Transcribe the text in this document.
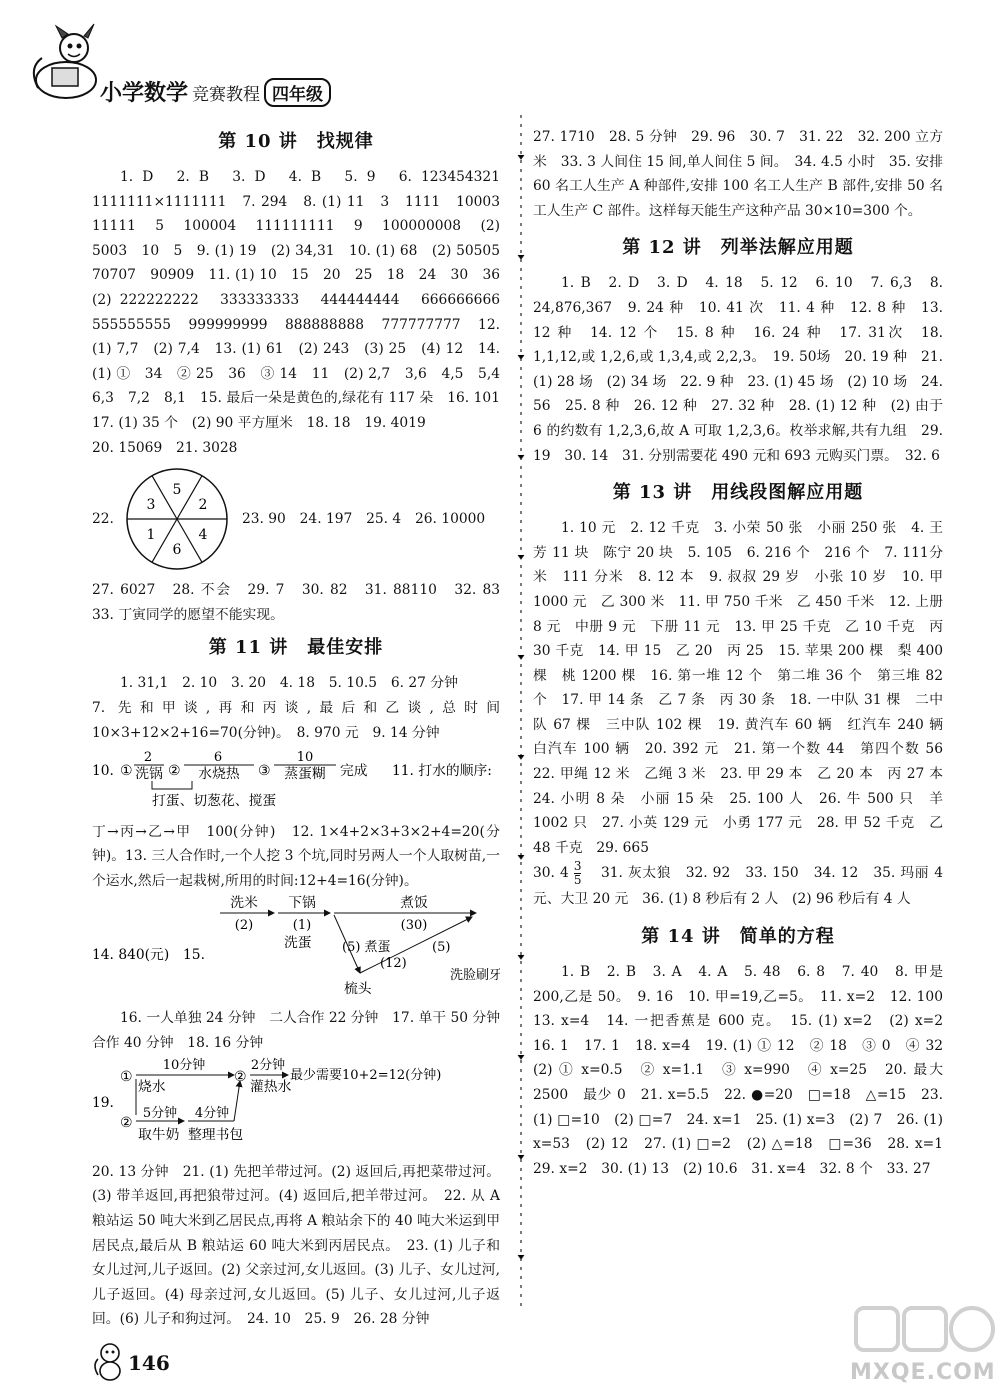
小学数学 竞赛教程 四年级
第 10 讲　找规律

1. D　2. B　3. D　4. B　5. 9　6. 123454321　1111111×1111111　7. 294　8. (1) 11　3　1111　10003　11111　5　100004　111111111　9　100000008　(2) 5003　10　5　9. (1) 19　(2) 34,31　10. (1) 68　(2) 50505　70707　90909　11. (1) 10　15　20　25　18　24　30　36　(2) 222222222　333333333　444444444　666666666　555555555　999999999　888888888　777777777　12. (1) 7,7　(2) 7,4　13. (1) 61　(2) 243　(3) 25　(4) 12　14. (1) ①　34　② 25　36　③ 14　11　(2) 2,7　3,6　4,5　5,4　6,3　7,2　8,1　15. 最后一朵是黄色的,绿花有 117 朵　16. 101　17. (1) 35 个　(2) 90 平方厘米　18. 18　19. 4019

20. 15069　21. 3028

22.
5
2
4
6
1
3
23. 90　24. 197　25. 4　26. 10000

27. 6027　28. 不会　29. 7　30. 82　31. 88110　32. 83　33. 丁寅同学的愿望不能实现。

第 11 讲　最佳安排

1. 31,1　2. 10　3. 20　4. 18　5. 10.5　6. 27 分钟

7. 先和甲谈,再和丙谈,最后和乙谈,总时间 10×3+12×2+16=70(分钟)。　8. 970 元　9. 14 分钟

10. ①
2
洗锅 ②
6
水烧热 ③
10
蒸蛋糊 完成 11. 打水的顺序:
打蛋、切葱花、搅蛋

丁→丙→乙→甲　100(分钟)　12. 1×4+2×3+3×2+4=20(分钟)。13. 三人合作时,一个人挖 3 个坑,同时另两人一个人取树苗,一个运水,然后一起栽树,所用的时间:12+4=16(分钟)。

14. 840(元)　15.
洗米
(2)
下锅
(1)
煮饭
(30)
洗蛋 (5) 煮蛋
(12)
(5)
洗脸刷牙
梳头

16. 一人单独 24 分钟　二人合作 22 分钟　17. 单干 50 分钟　合作 40 分钟　18. 16 分钟

19.
①
10分钟
烧水
②
2分钟
灌热水
最少需要10+2=12(分钟)
②
5分钟
取牛奶
4分钟
整理书包

20. 13 分钟　21. (1) 先把羊带过河。(2) 返回后,再把菜带过河。(3) 带羊返回,再把狼带过河。(4) 返回后,把羊带过河。　22. 从 A 粮站运 50 吨大米到乙居民点,再将 A 粮站余下的 40 吨大米运到甲居民点,最后从 B 粮站运 60 吨大米到丙居民点。　23. (1) 儿子和女儿过河,儿子返回。(2) 父亲过河,女儿返回。(3) 儿子、女儿过河,儿子返回。(4) 母亲过河,女儿返回。(5) 儿子、女儿过河,儿子返回。(6) 儿子和狗过河。　24. 10　25. 9　26. 28 分钟

27. 1710　28. 5 分钟　29. 96　30. 7　31. 22　32. 200 立方米　33. 3 人间住 15 间,单人间住 5 间。　34. 4.5 小时　35. 安排 60 名工人生产 A 种部件,安排 100 名工人生产 B 部件,安排 50 名工人生产 C 部件。这样每天能生产这种产品 30×10=300 个。

第 12 讲　列举法解应用题

1. B　2. D　3. D　4. 18　5. 12　6. 10　7. 6,3　8. 24,876,367　9. 24 种　10. 41 次　11. 4 种　12. 8 种　13. 12 种　14. 12 个　15. 8 种　16. 24 种　17. 31次　18. 1,1,12,或 1,2,6,或 1,3,4,或 2,2,3。　19. 50场　20. 19 种　21. (1) 28 场　(2) 34 场　22. 9 种　23. (1) 45 场　(2) 10 场　24. 56　25. 8 种　26. 12 种　27. 32 种　28. (1) 12 种　(2) 由于 6 的约数有 1,2,3,6,故 A 可取 1,2,3,6。枚举求解,共有九组　29. 19　30. 14　31. 分别需要花 490 元和 693 元购买门票。　32. 6

第 13 讲　用线段图解应用题

1. 10 元　2. 12 千克　3. 小荣 50 张　小丽 250 张　4. 王芳 11 块　陈宁 20 块　5. 105　6. 216 个　216 个　7. 111分米　111 分米　8. 12 本　9. 叔叔 29 岁　小张 10 岁　10. 甲 1000 元　乙 300 米　11. 甲 750 千米　乙 450 千米　12. 上册 8 元　中册 9 元　下册 11 元　13. 甲 25 千克　乙 10 千克　丙 30 千克　14. 甲 15　乙 20　丙 25　15. 苹果 200 棵　梨 400 棵　桃 1200 棵　16. 第一堆 12 个　第二堆 36 个　第三堆 82 个　17. 甲 14 条　乙 7 条　丙 30 条　18. 一中队 31 棵　二中队 67 棵　三中队 102 棵　19. 黄汽车 60 辆　红汽车 240 辆　白汽车 100 辆　20. 392 元　21. 第一个数 44　第四个数 56　22. 甲绳 12 米　乙绳 3 米　23. 甲 29 本　乙 20 本　丙 27 本　24. 小明 8 朵　小丽 15 朵　25. 100 人　26. 牛 500 只　羊 1002 只　27. 小英 129 元　小勇 177 元　28. 甲 52 千克　乙 48 千克　29. 665

30. $4 \frac{3}{5}$ 　31. 灰太狼　32. 92　33. 150　34. 12　35. 玛丽 4 元、大卫 20 元　36. (1) 8 秒后有 2 人　(2) 96 秒后有 4 人

第 14 讲　简单的方程

1. B　2. B　3. A　4. A　5. 48　6. 8　7. 40　8. 甲是 200,乙是 50。　9. 16　10. 甲=19,乙=5。　11. x=2　12. 100　13. x=4　14. 一把香蕉是 600 克。　15. (1) x=2　(2) x=2　16. 1　17. 1　18. x=4　19. (1) ① 12　② 18　③ 0　④ 32　(2) ① x=0.5　② x=1.1　③ x=990　④ x=25　20. 最大 2500　最少 0　21. x=5.5　22. ●=20　□=18　△=15　23. (1) □=10　(2) □=7　24. x=1　25. (1) x=3　(2) 7　26. (1) x=53　(2) 12　27. (1) □=2　(2) △=18　□=36　28. x=1　29. x=2　30. (1) 13　(2) 10.6　31. x=4　32. 8 个　33. 27

146	MXQE.COM
